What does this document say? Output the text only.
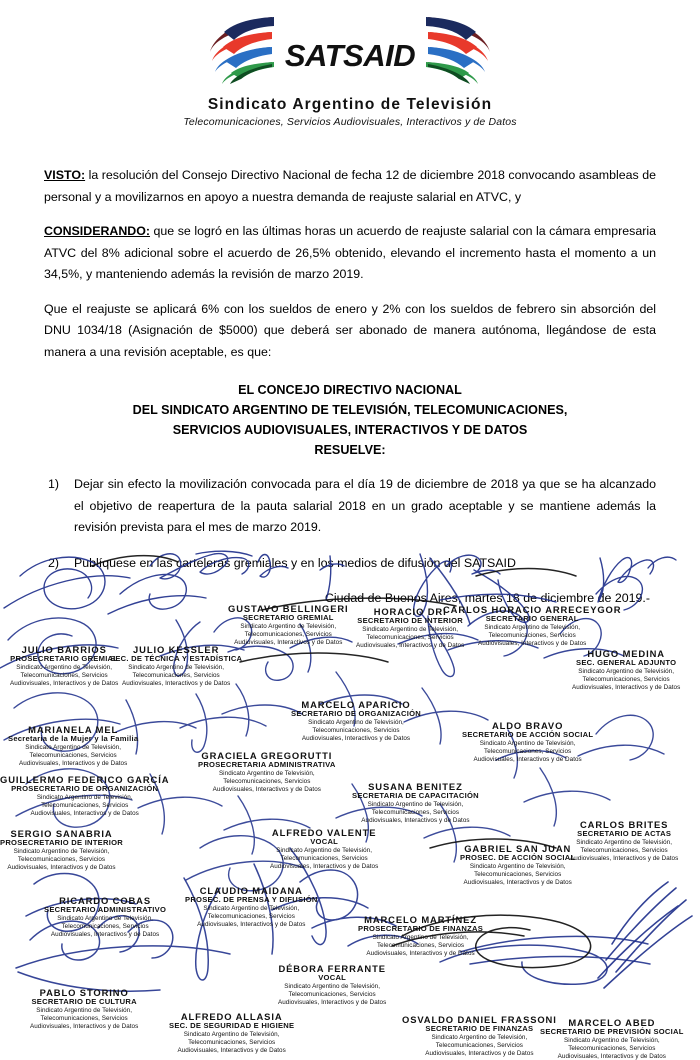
SATSAID
Sindicato Argentino de Televisión
Telecomunicaciones, Servicios Audiovisuales, Interactivos y de Datos

VISTO: la resolución del Consejo Directivo Nacional de fecha 12 de diciembre 2018 convocando asambleas de personal y a movilizarnos en apoyo a nuestra demanda de reajuste salarial en ATVC, y

CONSIDERANDO: que se logró en las últimas horas un acuerdo de reajuste salarial con la cámara empresaria ATVC del 8% adicional sobre el acuerdo de 26,5% obtenido, elevando el incremento hasta el momento a un 34,5%, y manteniendo además la revisión de marzo 2019.

Que el reajuste se aplicará 6% con los sueldos de enero y 2% con los sueldos de febrero sin absorción del DNU 1034/18 (Asignación de $5000) que deberá ser abonado de manera autónoma, llegándose de esta manera a una revisión aceptable, es que:

EL CONCEJO DIRECTIVO NACIONAL
DEL SINDICATO ARGENTINO DE TELEVISIÓN, TELECOMUNICACIONES,
SERVICIOS AUDIOVISUALES, INTERACTIVOS Y DE DATOS
RESUELVE:
1)	Dejar sin efecto la movilización convocada para el día 19 de diciembre de 2018 ya que se ha alcanzado el objetivo de reapertura de la pauta salarial 2018 en un grado aceptable y se mantiene además la revisión prevista para el mes de marzo 2019.
2)	Publíquese en las carteleras gremiales y en los medios de difusión del SATSAID
Ciudad de Buenos Aires, martes 18 de diciembre de 2019.-
GUSTAVO BELLINGERI
SECRETARIO GREMIAL
Sindicato Argentino de Televisión,
Telecomunicaciones, Servicios
Audiovisuales, Interactivos y de Datos
HORACIO DRI
SECRETARIO DE INTERIOR
Sindicato Argentino de Televisión,
Telecomunicaciones, Servicios
Audiovisuales, Interactivos y de Datos
CARLOS HORACIO ARRECEYGOR
SECRETARIO GENERAL
Sindicato Argentino de Televisión,
Telecomunicaciones, Servicios
Audiovisuales, Interactivos y de Datos
HUGO MEDINA
SEC. GENERAL ADJUNTO
Sindicato Argentino de Televisión,
Telecomunicaciones, Servicios
Audiovisuales, Interactivos y de Datos
JULIO BARRIOS
PROSECRETARIO GREMIAL
Sindicato Argentino de Televisión,
Telecomunicaciones, Servicios
Audiovisuales, Interactivos y de Datos
JULIO KESSLER
SEC. DE TÉCNICA Y ESTADÍSTICA
Sindicato Argentino de Televisión,
Telecomunicaciones, Servicios
Audiovisuales, Interactivos y de Datos
MARCELO APARICIO
SECRETARIO DE ORGANIZACIÓN
Sindicato Argentino de Televisión,
Telecomunicaciones, Servicios
Audiovisuales, Interactivos y de Datos
ALDO BRAVO
SECRETARIO DE ACCIÓN SOCIAL
Sindicato Argentino de Televisión,
Telecomunicaciones, Servicios
Audiovisuales, Interactivos y de Datos
MARIANELA MEL
Secretaria de la Mujer y la Familia
Sindicato Argentino de Televisión,
Telecomunicaciones, Servicios
Audiovisuales, Interactivos y de Datos
GRACIELA GREGORUTTI
PROSECRETARIA ADMINISTRATIVA
Sindicato Argentino de Televisión,
Telecomunicaciones, Servicios
Audiovisuales, Interactivos y de Datos
GUILLERMO FEDERICO GARCÍA
PROSECRETARIO DE ORGANIZACIÓN
Sindicato Argentino de Televisión,
Telecomunicaciones, Servicios
Audiovisuales, Interactivos y de Datos
SUSANA BENITEZ
SECRETARIA DE CAPACITACIÓN
Sindicato Argentino de Televisión,
Telecomunicaciones, Servicios
Audiovisuales, Interactivos y de Datos	CARLOS BRITES
SECRETARIO DE ACTAS
Sindicato Argentino de Televisión,
Telecomunicaciones, Servicios
Audiovisuales, Interactivos y de Datos
SERGIO SANABRIA
PROSECRETARIO DE INTERIOR
Sindicato Argentino de Televisión,
Telecomunicaciones, Servicios
Audiovisuales, Interactivos y de Datos
ALFREDO VALENTE
VOCAL
Sindicato Argentino de Televisión,
Telecomunicaciones, Servicios
Audiovisuales, Interactivos y de Datos
GABRIEL SAN JUAN
PROSEC. DE ACCIÓN SOCIAL
Sindicato Argentino de Televisión,
Telecomunicaciones, Servicios
Audiovisuales, Interactivos y de Datos
RICARDO COBAS
SECRETARIO ADMINISTRATIVO
Sindicato Argentino de Televisión,
Telecomunicaciones, Servicios
Audiovisuales, Interactivos y de Datos
CLAUDIO MAIDANA
PROSEC. DE PRENSA Y DIFUSIÓN
Sindicato Argentino de Televisión,
Telecomunicaciones, Servicios
Audiovisuales, Interactivos y de Datos	MARCELO MARTÍNEZ
PROSECRETARIO DE FINANZAS
Sindicato Argentino de Televisión,
Telecomunicaciones, Servicios
Audiovisuales, Interactivos y de Datos
DÉBORA FERRANTE
VOCAL
Sindicato Argentino de Televisión,
Telecomunicaciones, Servicios
Audiovisuales, Interactivos y de Datos
PABLO STORINO
SECRETARIO DE CULTURA
Sindicato Argentino de Televisión,
Telecomunicaciones, Servicios
Audiovisuales, Interactivos y de Datos
ALFREDO ALLASIA
SEC. DE SEGURIDAD E HIGIENE
Sindicato Argentino de Televisión,
Telecomunicaciones, Servicios
Audiovisuales, Interactivos y de Datos
OSVALDO DANIEL FRASSONI
SECRETARIO DE FINANZAS
Sindicato Argentino de Televisión,
Telecomunicaciones, Servicios
Audiovisuales, Interactivos y de Datos
MARCELO ABED
SECRETARIO DE PREVISIÓN SOCIAL
Sindicato Argentino de Televisión,
Telecomunicaciones, Servicios
Audiovisuales, Interactivos y de Datos
